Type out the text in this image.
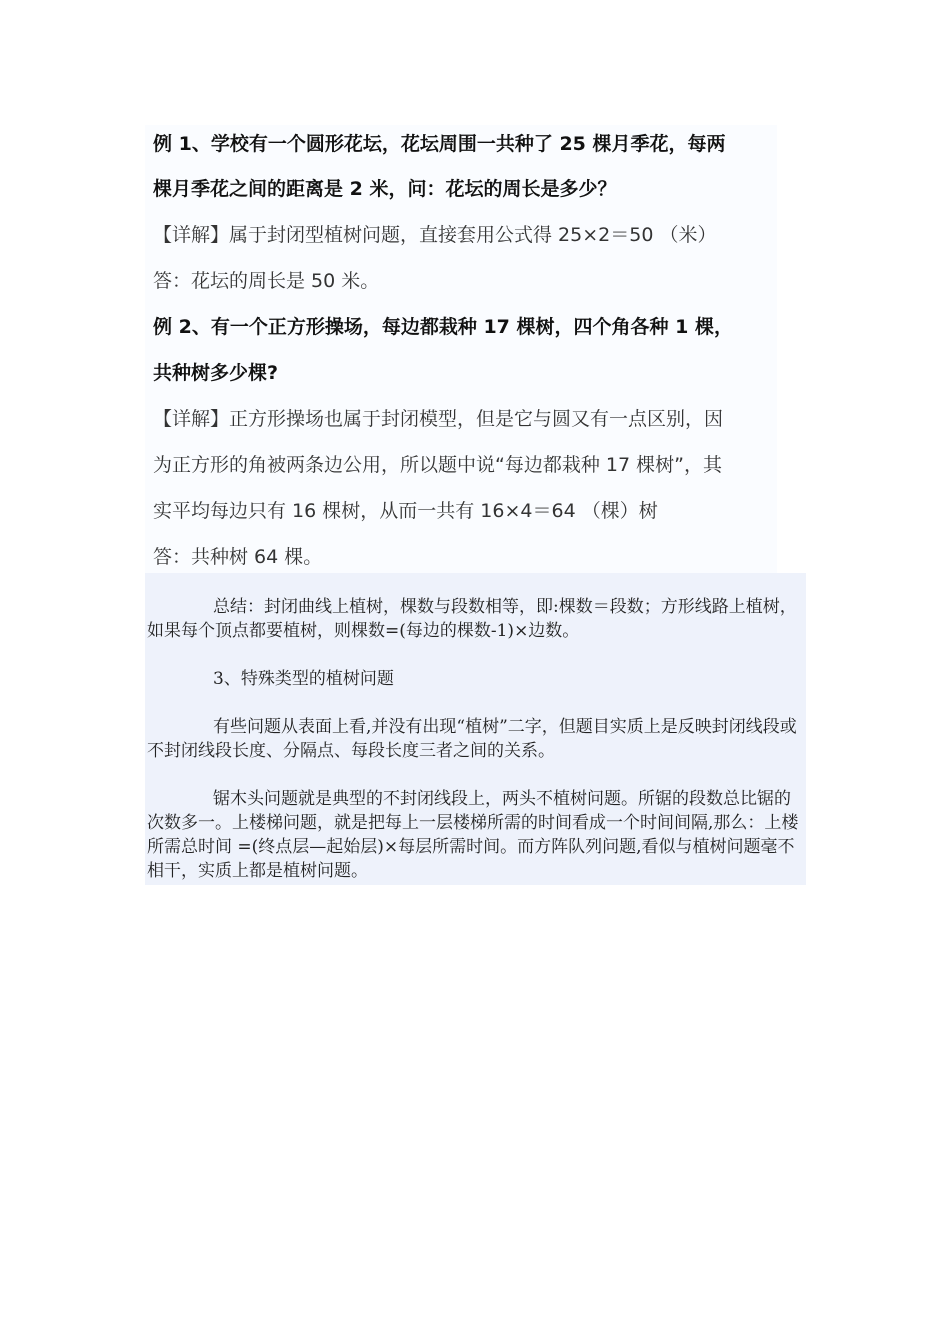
例 1、学校有一个圆形花坛，花坛周围一共种了 25 棵月季花，每两
棵月季花之间的距离是 2 米，问：花坛的周长是多少？
【详解】属于封闭型植树问题，直接套用公式得 25×2＝50 （米）
答：花坛的周长是 50 米。
例 2、有一个正方形操场，每边都栽种 17 棵树，四个角各种 1 棵，
共种树多少棵?
【详解】正方形操场也属于封闭模型，但是它与圆又有一点区别，因
为正方形的角被两条边公用，所以题中说“每边都栽种 17 棵树”，其
实平均每边只有 16 棵树，从而一共有 16×4＝64 （棵）树
答：共种树 64 棵。
总结：封闭曲线上植树，棵数与段数相等，即:棵数＝段数；方形线路上植树，如果每个顶点都要植树，则棵数=(每边的棵数-1)×边数。
3、特殊类型的植树问题
有些问题从表面上看,并没有出现“植树”二字，但题目实质上是反映封闭线段或不封闭线段长度、分隔点、每段长度三者之间的关系。
锯木头问题就是典型的不封闭线段上，两头不植树问题。所锯的段数总比锯的次数多一。上楼梯问题，就是把每上一层楼梯所需的时间看成一个时间间隔,那么：上楼所需总时间 =(终点层—起始层)×每层所需时间。而方阵队列问题,看似与植树问题毫不相干，实质上都是植树问题。
